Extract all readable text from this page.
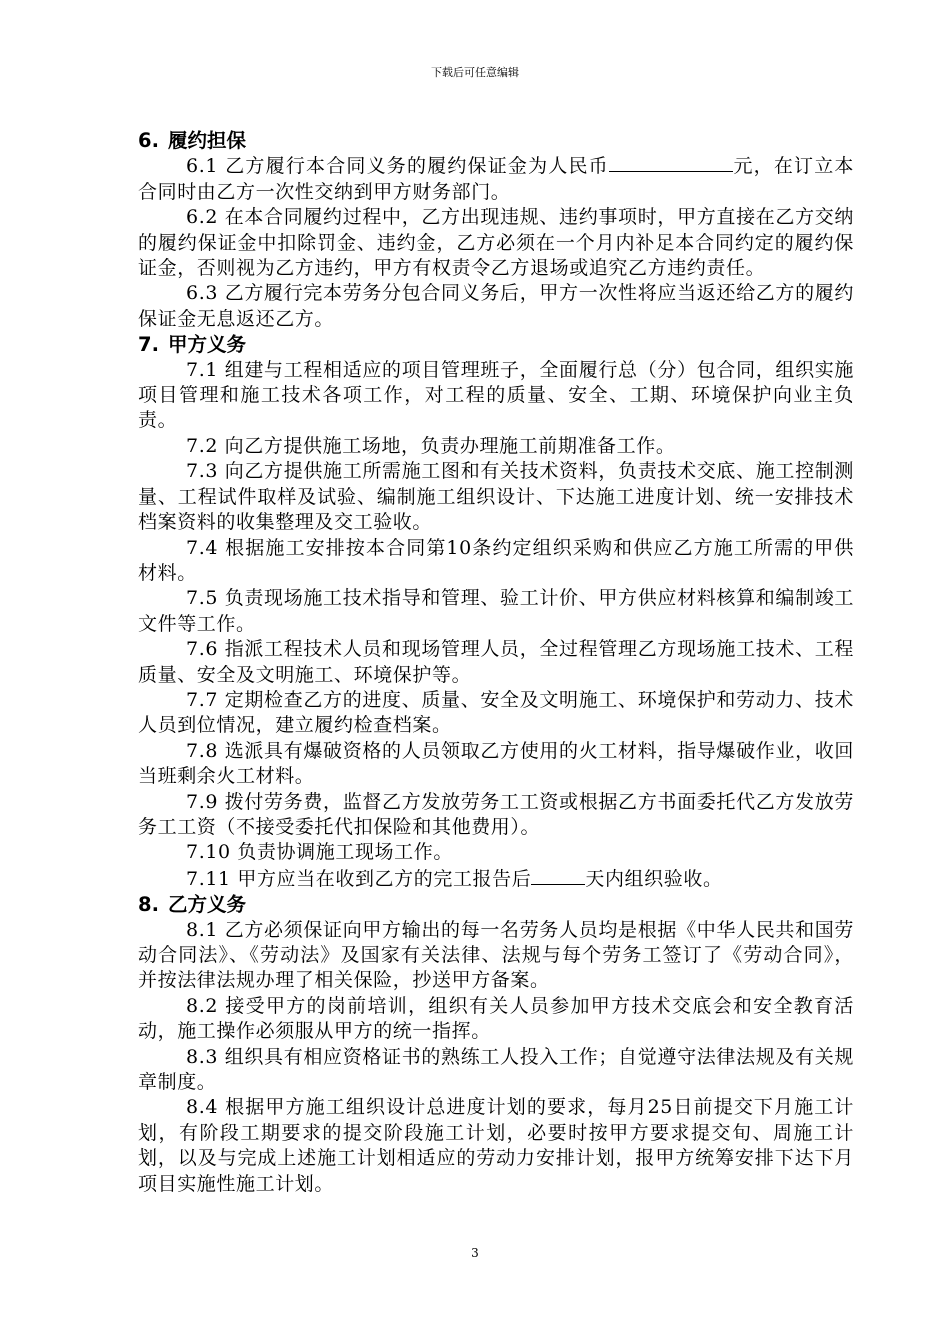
下载后可任意编辑
6. 履约担保

6.1 乙方履行本合同义务的履约保证金为人民币	元，在订立本合同时由乙方一次性交纳到甲方财务部门。

6.2 在本合同履约过程中，乙方出现违规、违约事项时，甲方直接在乙方交纳的履约保证金中扣除罚金、违约金，乙方必须在一个月内补足本合同约定的履约保证金，否则视为乙方违约，甲方有权责令乙方退场或追究乙方违约责任。

6.3 乙方履行完本劳务分包合同义务后，甲方一次性将应当返还给乙方的履约保证金无息返还乙方。

7. 甲方义务

7.1 组建与工程相适应的项目管理班子，全面履行总（分）包合同，组织实施项目管理和施工技术各项工作，对工程的质量、安全、工期、环境保护向业主负责。

7.2 向乙方提供施工场地，负责办理施工前期准备工作。

7.3 向乙方提供施工所需施工图和有关技术资料，负责技术交底、施工控制测量、工程试件取样及试验、编制施工组织设计、下达施工进度计划、统一安排技术档案资料的收集整理及交工验收。

7.4 根据施工安排按本合同第10条约定组织采购和供应乙方施工所需的甲供材料。

7.5 负责现场施工技术指导和管理、验工计价、甲方供应材料核算和编制竣工文件等工作。

7.6 指派工程技术人员和现场管理人员，全过程管理乙方现场施工技术、工程质量、安全及文明施工、环境保护等。

7.7 定期检查乙方的进度、质量、安全及文明施工、环境保护和劳动力、技术人员到位情况，建立履约检查档案。

7.8 选派具有爆破资格的人员领取乙方使用的火工材料，指导爆破作业，收回当班剩余火工材料。

7.9 拨付劳务费，监督乙方发放劳务工工资或根据乙方书面委托代乙方发放劳务工工资（不接受委托代扣保险和其他费用）。

7.10 负责协调施工现场工作。

7.11 甲方应当在收到乙方的完工报告后	天内组织验收。

8. 乙方义务

8.1 乙方必须保证向甲方输出的每一名劳务人员均是根据《中华人民共和国劳动合同法》、《劳动法》及国家有关法律、法规与每个劳务工签订了《劳动合同》，并按法律法规办理了相关保险，抄送甲方备案。

8.2 接受甲方的岗前培训，组织有关人员参加甲方技术交底会和安全教育活动，施工操作必须服从甲方的统一指挥。

8.3 组织具有相应资格证书的熟练工人投入工作；自觉遵守法律法规及有关规章制度。

8.4 根据甲方施工组织设计总进度计划的要求，每月25日前提交下月施工计划，有阶段工期要求的提交阶段施工计划，必要时按甲方要求提交旬、周施工计划，以及与完成上述施工计划相适应的劳动力安排计划，报甲方统筹安排下达下月项目实施性施工计划。

3
